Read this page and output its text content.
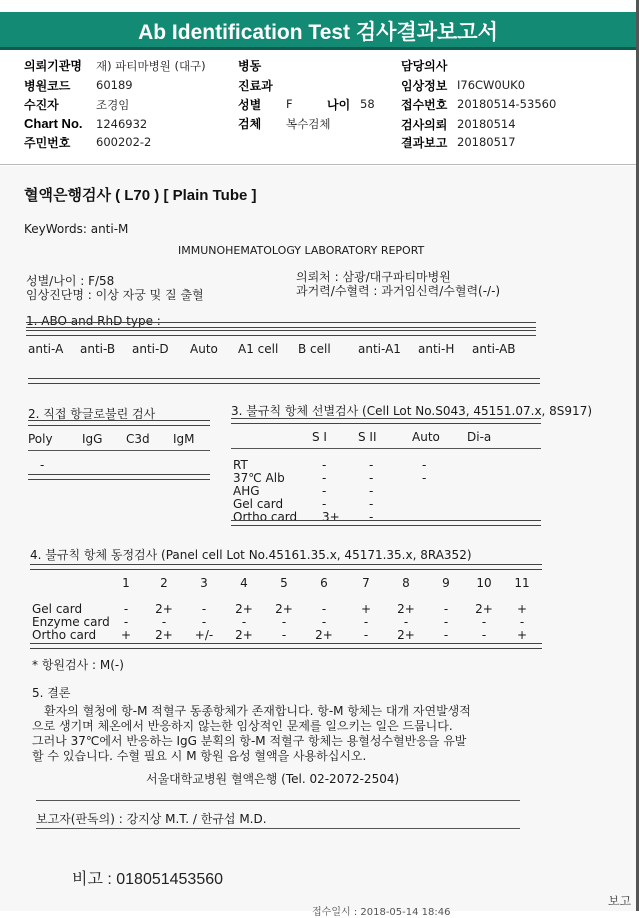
Ab Identification Test 검사결과보고서
의뢰기관명 재) 파티마병원 (대구)	병동	담당의사
병원코드 60189	진료과	임상정보 I76CW0UK0
수진자	조경임	성별 F	나이 58 접수번호 20180514-53560
Chart No. 1246932	검체 복수검체	검사의뢰 20180514
주민번호 600202-2	결과보고 20180517
혈액은행검사 ( L70 ) [ Plain Tube ]
KeyWords: anti-M
IMMUNOHEMATOLOGY LABORATORY REPORT
성별/나이 : F/58
임상진단명 : 이상 자궁 및 질 출혈
의뢰처 : 삼광/대구파티마병원
과거력/수혈력 : 과거임신력/수혈력(-/-)
1. ABO and RhD type :
anti-A anti-B anti-D Auto A1 cell B cell anti-A1 anti-H anti-AB
2. 직접 항글로불린 검사
Poly IgG C3d IgM
-
3. 불규칙 항체 선별검사 (Cell Lot No.S043, 45151.07.x, 8S917)
S I	S II	Auto Di-a
RT	-	-	-
37℃ Alb	-	-	-
AHG	-	-
Gel card	-	-
Ortho card 3+ -
4. 불규칙 항체 동정검사 (Panel cell Lot No.45161.35.x, 45171.35.x, 8RA352)
1	2	3	4	5	6	7	8	9	10	11
Gel card	-	2+	-	2+	2+	-	+	2+	-	2+	+
Enzyme card	-	-	-	-	-	-	-	-	-	-	-
Ortho card	+	2+	+/-	2+	-	2+	-	2+	-	-	+
* 항원검사 : M(-)
5. 결론
환자의 혈청에 항-M 적혈구 동종항체가 존재합니다. 항-M 항체는 대개 자연발생적
으로 생기며 체온에서 반응하지 않는한 임상적인 문제를 일으키는 일은 드뭅니다.
그러나 37℃에서 반응하는 IgG 분획의 항-M 적혈구 항체는 용혈성수혈반응을 유발
할 수 있습니다. 수혈 필요 시 M 항원 음성 혈액을 사용하십시오.
서울대학교병원 혈액은행 (Tel. 02-2072-2504)
보고자(판독의) : 강지상 M.T. / 한규섭 M.D.
비고 : 018051453560
접수일시 : 2018-05-14 18:46
보고
